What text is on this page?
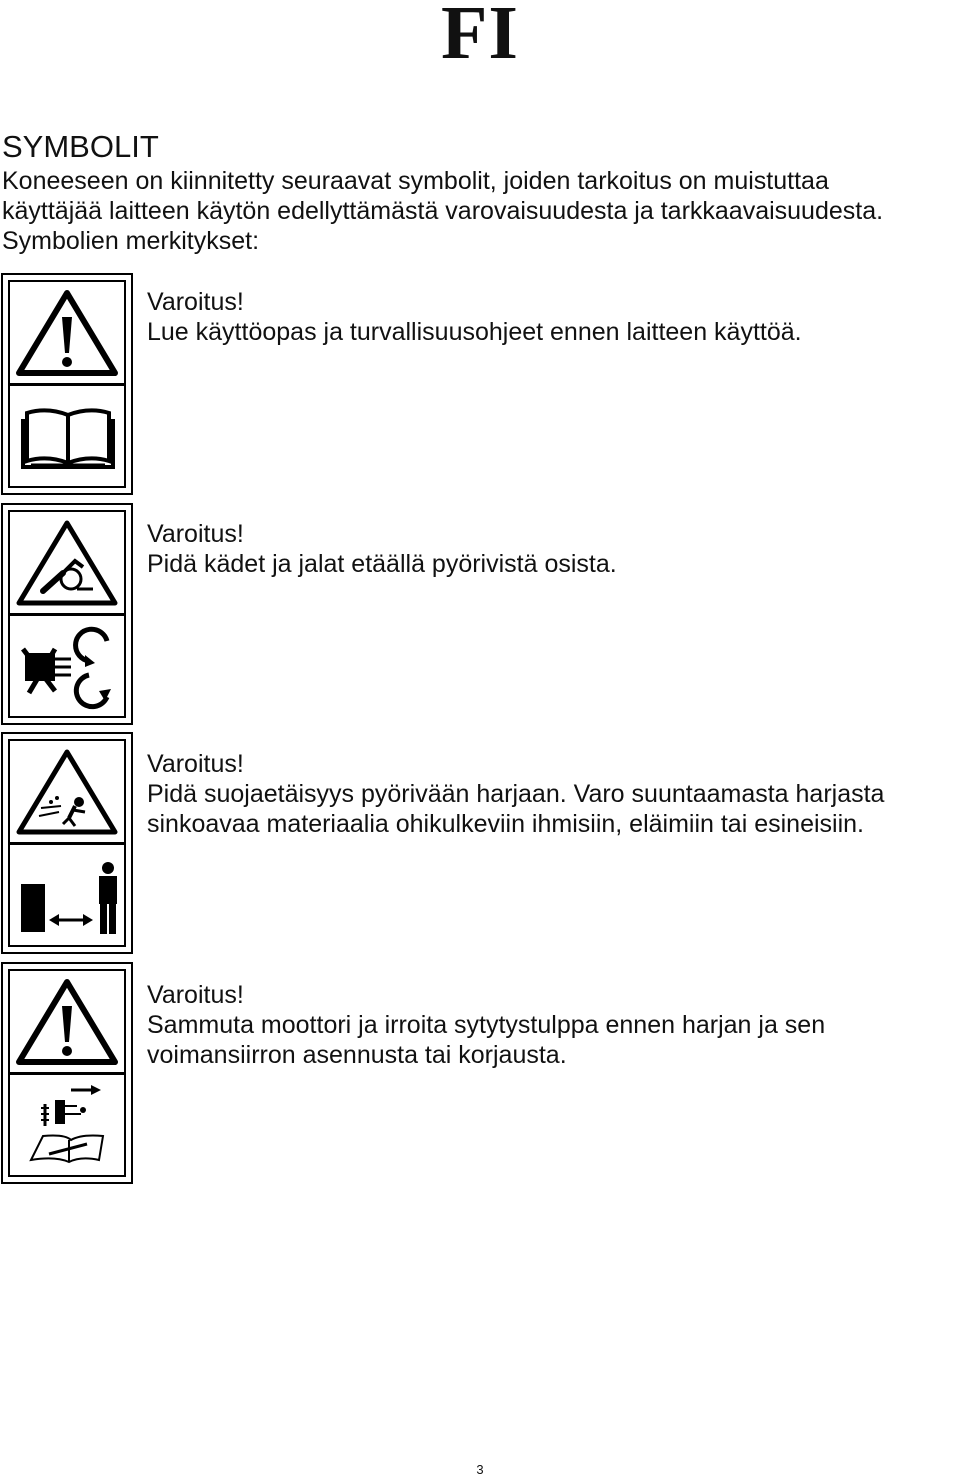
FI
SYMBOLIT
Koneeseen on kiinnitetty seuraavat symbolit, joiden tarkoitus on muistuttaa
käyttäjää laitteen käytön edellyttämästä varovaisuudesta ja tarkkaavaisuudesta.
Symbolien merkitykset:
Varoitus!
Lue käyttöopas ja turvallisuusohjeet ennen laitteen käyttöä.
Varoitus!
Pidä kädet ja jalat etäällä pyörivistä osista.
Varoitus!
Pidä suojaetäisyys pyörivään harjaan. Varo suuntaamasta harjasta
sinkoavaa materiaalia ohikulkeviin ihmisiin, eläimiin tai esineisiin.
Varoitus!
Sammuta moottori ja irroita sytytystulppa ennen harjan ja sen
voimansiirron asennusta tai korjausta.
3
